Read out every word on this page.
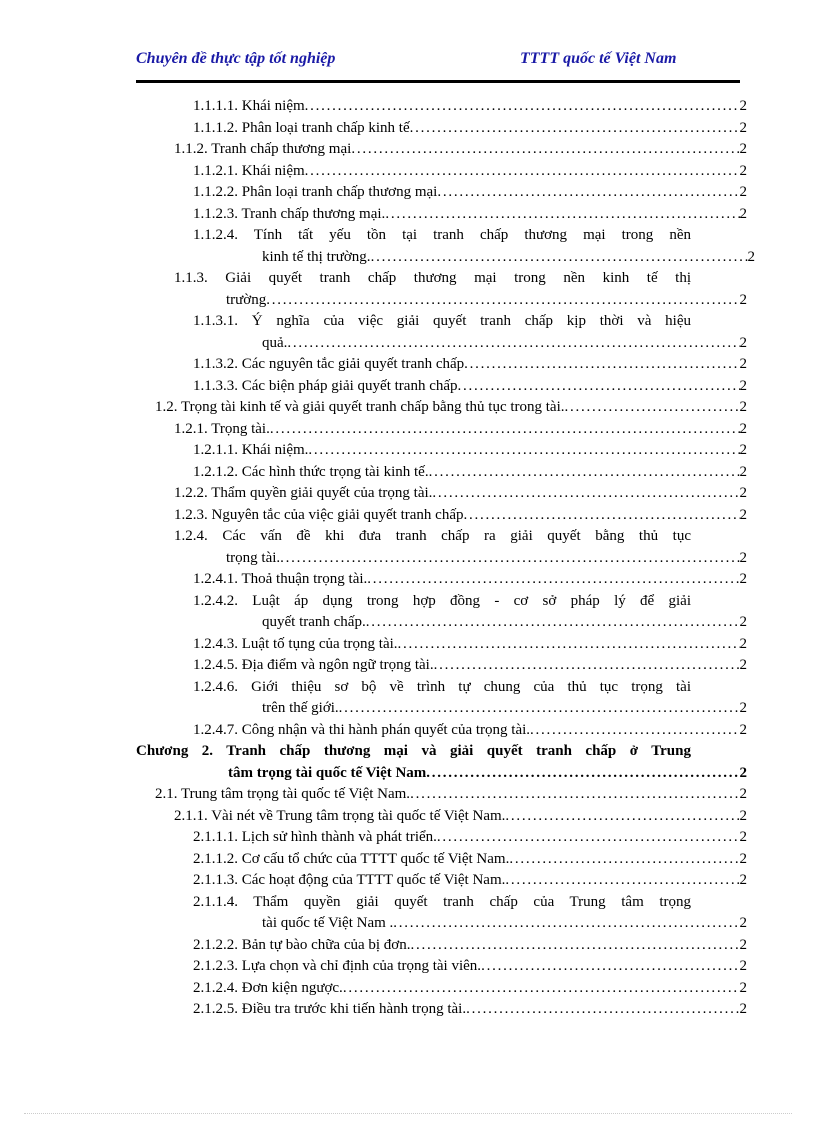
Chuyên đề thực tập tốt nghiệp	TTTT quốc tế Việt Nam
1.1.1.1. Khái niệm . . .	2
1.1.1.2. Phân loại tranh chấp kinh tế . . .	2
1.1.2. Tranh chấp thương mại . . .	2
1.1.2.1. Khái niệm . . .	2
1.1.2.2. Phân loại tranh chấp thương mại . . .	2
1.1.2.3. Tranh chấp thương mại. . . .	2
1.1.2.4. Tính tất yếu tồn tại tranh chấp thương mại trong nền
kinh tế thị trường. . . .	2
1.1.3. Giải quyết tranh chấp thương mại trong nền kinh tế thị
trường . . .	2
1.1.3.1. Ý nghĩa của việc giải quyết tranh chấp kịp thời và hiệu
quả. . . .	2
1.1.3.2. Các nguyên tắc giải quyết tranh chấp . . .	2
1.1.3.3. Các biện pháp giải quyết tranh chấp . . .	2
1.2. Trọng tài kinh tế và giải quyết tranh chấp bằng thủ tục trong tài. . . .	2
1.2.1. Trọng tài. . . .	2
1.2.1.1. Khái niệm. . . .	2
1.2.1.2. Các hình thức trọng tài kinh tế. . . .	2
1.2.2. Thẩm quyền giải quyết của trọng tài. . . .	2
1.2.3. Nguyên tắc của việc giải quyết tranh chấp . . .	2
1.2.4. Các vấn đề khi đưa tranh chấp ra giải quyết bằng thủ tục
trọng tài. . . .	2
1.2.4.1. Thoả thuận trọng tài. . . .	2
1.2.4.2. Luật áp dụng trong hợp đồng - cơ sở pháp lý để giải
quyết tranh chấp. . . .	2
1.2.4.3. Luật tố tụng của trọng tài. . . .	2
1.2.4.5. Địa điểm và ngôn ngữ trọng tài. . . .	2
1.2.4.6. Giới thiệu sơ bộ về trình tự chung của thủ tục trọng tài
trên thế giới. . . .	2
1.2.4.7. Công nhận và thi hành phán quyết của trọng tài. . . .	2
Chương 2. Tranh chấp thương mại và giải quyết tranh chấp ở Trung
tâm trọng tài quốc tế Việt Nam . . .	2
2.1. Trung tâm trọng tài quốc tế Việt Nam. . . .	2
2.1.1. Vài nét về Trung tâm trọng tài quốc tế Việt Nam. . . .	2
2.1.1.1. Lịch sử hình thành và phát triển. . . .	2
2.1.1.2. Cơ cấu tổ chức của TTTT quốc tế Việt Nam. . . .	2
2.1.1.3. Các hoạt động của TTTT quốc tế Việt Nam. . . .	2
2.1.1.4. Thẩm quyền giải quyết tranh chấp của Trung tâm trọng
tài quốc tế Việt Nam . . . .	2
2.1.2.2. Bản tự bào chữa của bị đơn. . . .	2
2.1.2.3. Lựa chọn và chỉ định của trọng tài viên. . . .	2
2.1.2.4. Đơn kiện ngược. . . .	2
2.1.2.5. Điều tra trước khi tiến hành trọng tài. . . .	2
